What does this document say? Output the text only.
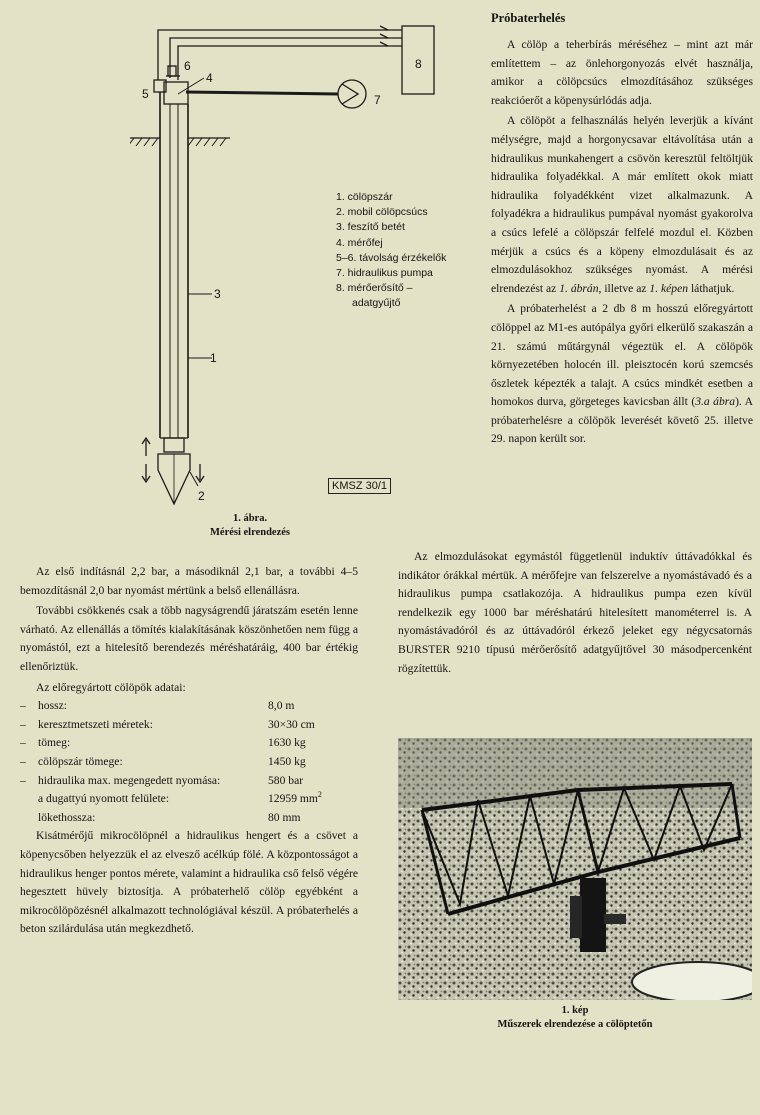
1
2
3
4
5
6
7
8
1. cölöpszár
2. mobil cölöpcsúcs
3. feszítő betét
4. mérőfej
5–6. távolság érzékelők
7. hidraulikus pumpa
8. mérőerősítő –
adatgyűjtő
KMSZ 30/1
1. ábra.
Mérési elrendezés

Az első indításnál 2,2 bar, a másodiknál 2,1 bar, a további 4–5 bemozdításnál 2,0 bar nyomást mértünk a belső ellenállásra.

További csökkenés csak a több nagyságrendű járatszám esetén lenne várható. Az ellenállás a tömítés kialakításának köszönhetően nem függ a nyomástól, ezt a hitelesítő berendezés méréshatáráig, 400 bar értékig ellenőriztük.

Az előregyártott cölöpök adatai:
– hossz:	8,0 m
– keresztmetszeti méretek:	30×30 cm
– tömeg:	1630 kg
– cölöpszár tömege:	1450 kg
– hidraulika max. megengedett nyomása:	580 bar
a dugattyú nyomott felülete:	12959 $mm^2$
lökethossza:	80 mm

Kisátmérőjű mikrocölöpnél a hidraulikus hengert és a csövet a köpenycsőben helyezzük el az elvesző acélkúp fölé. A központosságot a hidraulikus henger pontos mérete, valamint a hidraulika cső felső végére hegesztett hüvely biztosítja. A próbaterhelő cölöp egyébként a mikrocölöpözésnél alkalmazott technológiával készül. A próbaterhelés a beton szilárdulása után megkezdhető.

Próbaterhelés

A cölöp a teherbírás méréséhez – mint azt már említettem – az önlehorgonyozás elvét használja, amikor a cölöpcsúcs elmozdításához szükséges reakcióerőt a köpenysúrlódás adja.

A cölöpöt a felhasználás helyén leverjük a kívánt mélységre, majd a horgonycsavar eltávolítása után a hidraulikus munkahengert a csövön keresztül feltöltjük hidraulika folyadékkal. A már említett okok miatt hidraulika folyadékként vizet alkalmazunk. A folyadékra a hidraulikus pumpával nyomást gyakorolva a csúcs lefelé a cölöpszár felfelé mozdul el. Közben mérjük a csúcs és a köpeny elmozdulásait és az elmozdulásokhoz szükséges nyomást. A mérési elrendezést az 1. ábrán, illetve az 1. képen láthatjuk.

A próbaterhelést a 2 db 8 m hosszú előregyártott cölöppel az M1-es autópálya győri elkerülő szakaszán a 21. számú műtárgynál végeztük el. A cölöpök környezetében holocén ill. pleisztocén korú szemcsés őszletek képezték a talajt. A csúcs mindkét esetben a homokos durva, görgeteges kavicsban állt (3.a ábra). A próbaterhelésre a cölöpök leverését követő 25. illetve 29. napon került sor.

Az elmozdulásokat egymástól függetlenül induktív úttávadókkal és indikátor órákkal mértük. A mérőfejre van felszerelve a nyomástávadó és a hidraulikus pumpa csatlakozója. A hidraulikus pumpa ezen kívül rendelkezik egy 1000 bar méréshatárú hitelesített manométerrel is. A nyomástávadóról és az úttávadóról érkező jeleket egy négycsatornás BURSTER 9210 típusú mérőerősítő adatgyűjtővel 30 másodpercenként rögzítettük.

1. kép
Műszerek elrendezése a cölöptetőn
